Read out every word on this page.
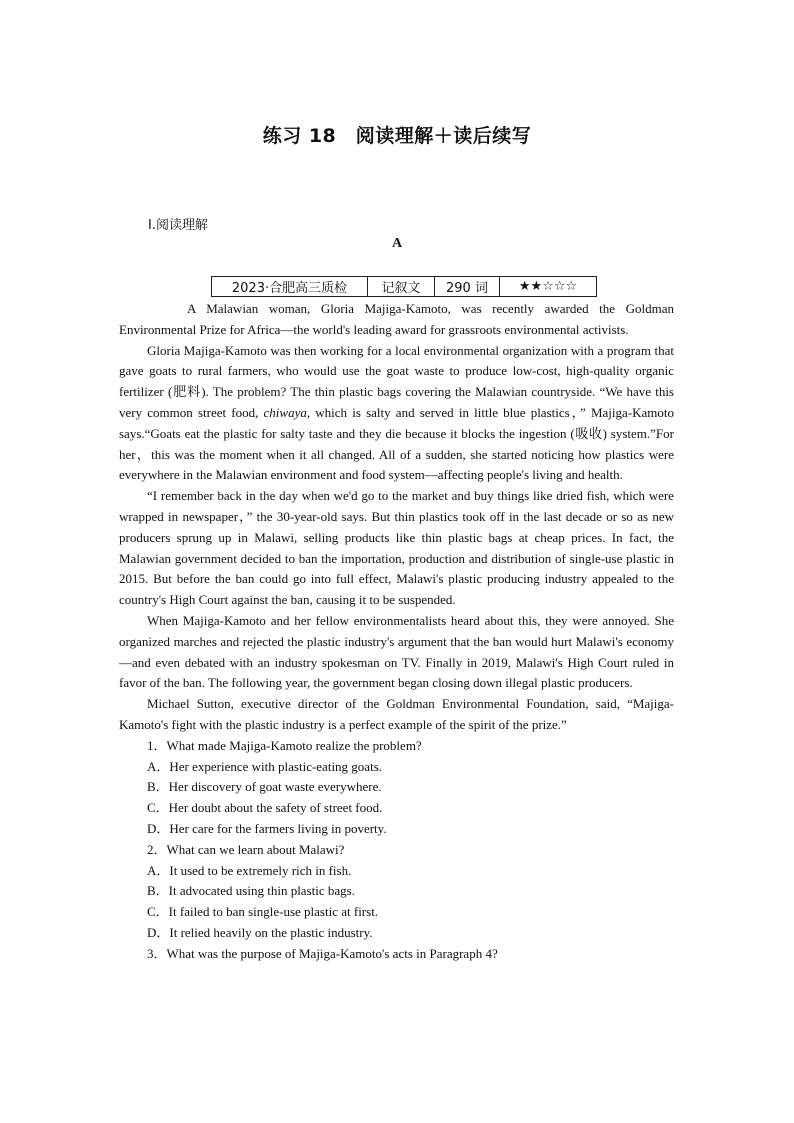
练习 18　阅读理解＋读后续写
Ⅰ.阅读理解
A
2023·合肥高三质检	记叙文	290 词	★★☆☆☆

A Malawian woman, Gloria Majiga-Kamoto, was recently awarded the Goldman Environmental Prize for Africa—the world's leading award for grassroots environmental activists.

Gloria Majiga-Kamoto was then working for a local environmental organization with a program that gave goats to rural farmers, who would use the goat waste to produce low-cost, high-quality organic fertilizer (肥料). The problem? The thin plastic bags covering the Malawian countryside. “We have this very common street food, chiwaya, which is salty and served in little blue plastics，” Majiga-Kamoto says.“Goats eat the plastic for salty taste and they die because it blocks the ingestion (吸收) system.”For her，this was the moment when it all changed. All of a sudden, she started noticing how plastics were everywhere in the Malawian environment and food system—affecting people's living and health.

“I remember back in the day when we'd go to the market and buy things like dried fish, which were wrapped in newspaper，” the 30-year-old says. But thin plastics took off in the last decade or so as new producers sprung up in Malawi, selling products like thin plastic bags at cheap prices. In fact, the Malawian government decided to ban the importation, production and distribution of single-use plastic in 2015. But before the ban could go into full effect, Malawi's plastic producing industry appealed to the country's High Court against the ban, causing it to be suspended.

When Majiga-Kamoto and her fellow environmentalists heard about this, they were annoyed. She organized marches and rejected the plastic industry's argument that the ban would hurt Malawi's economy—and even debated with an industry spokesman on TV. Finally in 2019, Malawi's High Court ruled in favor of the ban. The following year, the government began closing down illegal plastic producers.

Michael Sutton, executive director of the Goldman Environmental Foundation, said, “Majiga-Kamoto's fight with the plastic industry is a perfect example of the spirit of the prize.”

1．What made Majiga-Kamoto realize the problem?
A．Her experience with plastic-eating goats.
B．Her discovery of goat waste everywhere.
C．Her doubt about the safety of street food.
D．Her care for the farmers living in poverty.
2．What can we learn about Malawi?
A．It used to be extremely rich in fish.
B．It advocated using thin plastic bags.
C．It failed to ban single-use plastic at first.
D．It relied heavily on the plastic industry.
3．What was the purpose of Majiga-Kamoto's acts in Paragraph 4?
